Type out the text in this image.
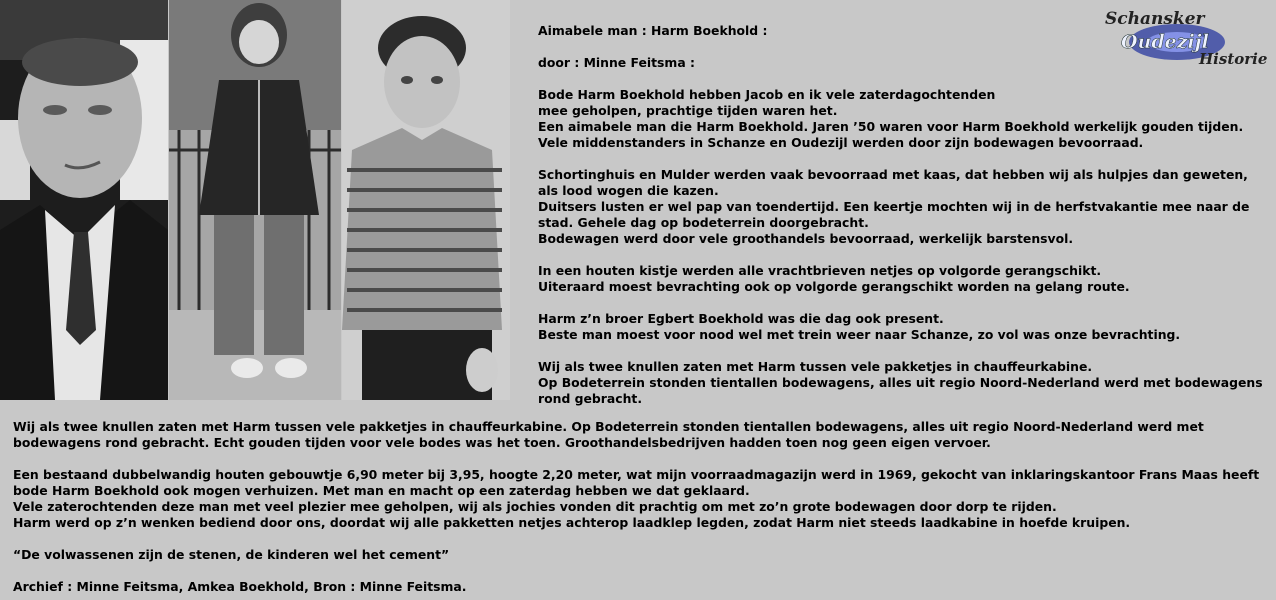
Schansker
Oudezijl
Historie
Aimabele man : Harm Boekhold :
door : Minne Feitsma :
Bode Harm Boekhold hebben Jacob en ik vele zaterdagochtenden
mee geholpen, prachtige tijden waren het.
Een aimabele man die Harm Boekhold. Jaren ’50 waren voor Harm Boekhold werkelijk gouden tijden.
Vele middenstanders in Schanze en Oudezijl werden door zijn bodewagen bevoorraad.
Schortinghuis en Mulder werden vaak bevoorraad met kaas, dat hebben wij als hulpjes dan geweten,
als lood wogen die kazen.
Duitsers lusten er wel pap van toendertijd. Een keertje mochten wij in de herfstvakantie mee naar de
stad. Gehele dag op bodeterrein doorgebracht.
Bodewagen werd door vele groothandels bevoorraad, werkelijk barstensvol.
In een houten kistje werden alle vrachtbrieven netjes op volgorde gerangschikt.
Uiteraard moest bevrachting ook op volgorde gerangschikt worden na gelang route.
Harm z’n broer Egbert Boekhold was die dag ook present.
Beste man moest voor nood wel met trein weer naar Schanze, zo vol was onze bevrachting.
Wij als twee knullen zaten met Harm tussen vele pakketjes in chauffeurkabine.
Op Bodeterrein stonden tientallen bodewagens, alles uit regio Noord-Nederland werd met bodewagens
rond gebracht.
Wij als twee knullen zaten met Harm tussen vele pakketjes in chauffeurkabine. Op Bodeterrein stonden tientallen bodewagens, alles uit regio Noord-Nederland werd met
bodewagens rond gebracht. Echt gouden tijden voor vele bodes was het toen. Groothandelsbedrijven hadden toen nog geen eigen vervoer.
Een bestaand dubbelwandig houten gebouwtje 6,90 meter bij 3,95, hoogte 2,20 meter, wat mijn voorraadmagazijn werd in 1969, gekocht van inklaringskantoor Frans Maas heeft
bode Harm Boekhold ook mogen verhuizen. Met man en macht op een zaterdag hebben we dat geklaard.
Vele zaterochtenden deze man met veel plezier mee geholpen, wij als jochies vonden dit prachtig om met zo’n grote bodewagen door dorp te rijden.
Harm werd op z’n wenken bediend door ons, doordat wij alle pakketten netjes achterop laadklep legden, zodat Harm niet steeds laadkabine in hoefde kruipen.
“De volwassenen zijn de stenen, de kinderen wel het cement”
Archief : Minne Feitsma, Amkea Boekhold, Bron : Minne Feitsma.
